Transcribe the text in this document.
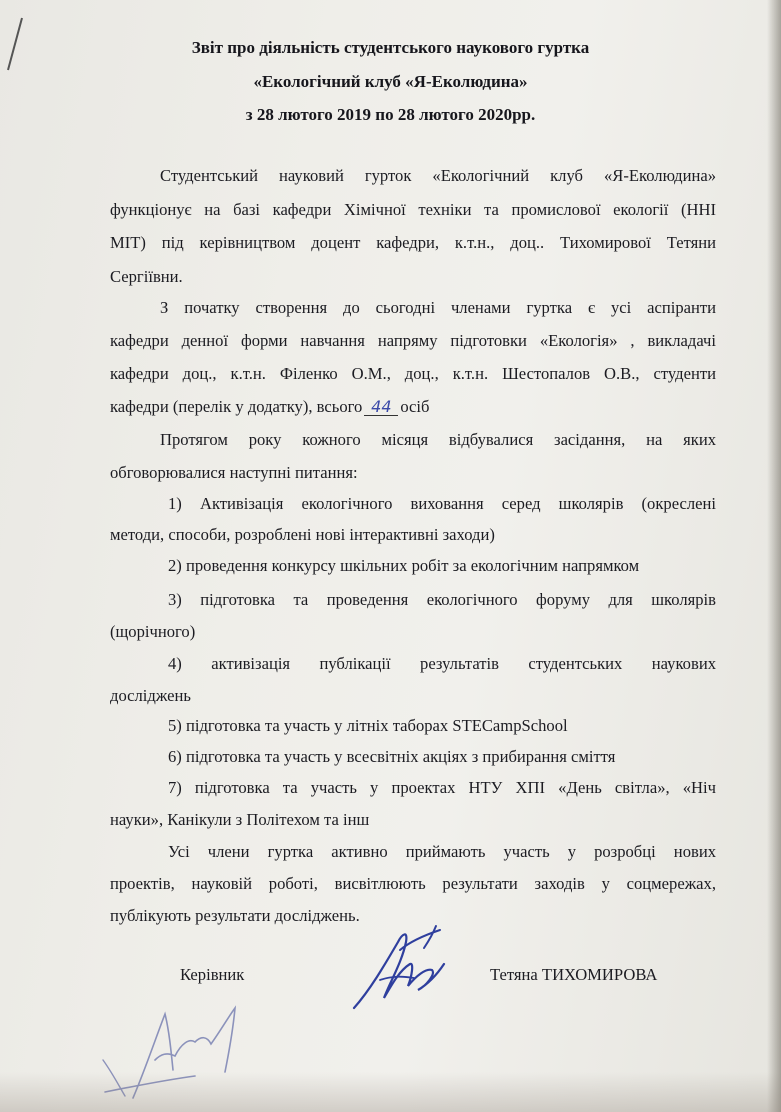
Звіт про діяльність студентського наукового гуртка
«Екологічний клуб «Я-Еколюдина»
з 28 лютого 2019 по 28 лютого 2020рр.
Студентський науковий гурток «Екологічний клуб «Я-Еколюдина»
функціонує на базі кафедри Хімічної техніки та промислової екології (ННІ
МІТ) під керівництвом доцент кафедри, к.т.н., доц.. Тихомирової Тетяни
Сергіївни.
З початку створення до сьогодні членами гуртка є усі аспіранти
кафедри денної форми навчання напряму підготовки «Екологія» , викладачі
кафедри доц., к.т.н. Філенко О.М., доц., к.т.н. Шестопалов О.В., студенти
кафедри (перелік у додатку), всього 44 осіб
Протягом року кожного місяця відбувалися засідання, на яких
обговорювалися наступні питання:
1) Активізація екологічного виховання серед школярів (окреслені
методи, способи, розроблені нові інтерактивні заходи)
2) проведення конкурсу шкільних робіт за екологічним напрямком
3) підготовка та проведення екологічного форуму для школярів
(щорічного)
4) активізація публікації результатів студентських наукових
досліджень
5) підготовка та участь у літніх таборах STECampSchool
6) підготовка та участь у всесвітніх акціях з прибирання сміття
7) підготовка та участь у проектах НТУ ХПІ «День світла», «Ніч
науки», Канікули з Політехом та інш
Усі члени гуртка активно приймають участь у розробці нових
проектів, науковій роботі, висвітлюють результати заходів у соцмережах,
публікують результати досліджень.
Керівник	Тетяна ТИХОМИРОВА
